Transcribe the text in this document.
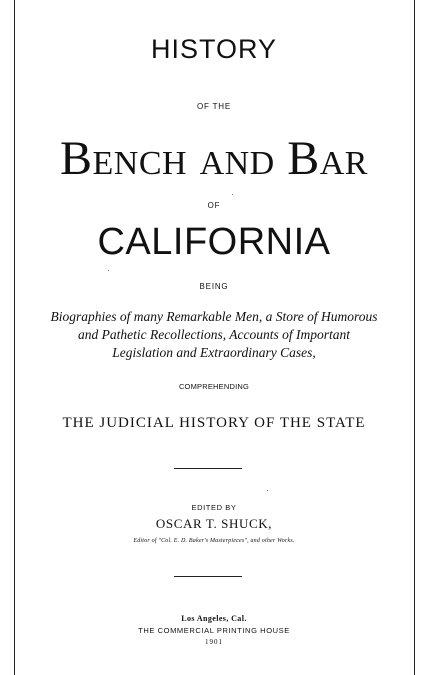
HISTORY
OF THE
Bench and Bar
OF
CALIFORNIA
BEING
Biographies of many Remarkable Men, a Store of Humorous
and Pathetic Recollections, Accounts of Important
Legislation and Extraordinary Cases,
COMPREHENDING
THE JUDICIAL HISTORY OF THE STATE
EDITED BY
OSCAR T. SHUCK,
Editor of "Col. E. D. Baker's Masterpieces", and other Works.
Los Angeles, Cal.
THE COMMERCIAL PRINTING HOUSE
1901
